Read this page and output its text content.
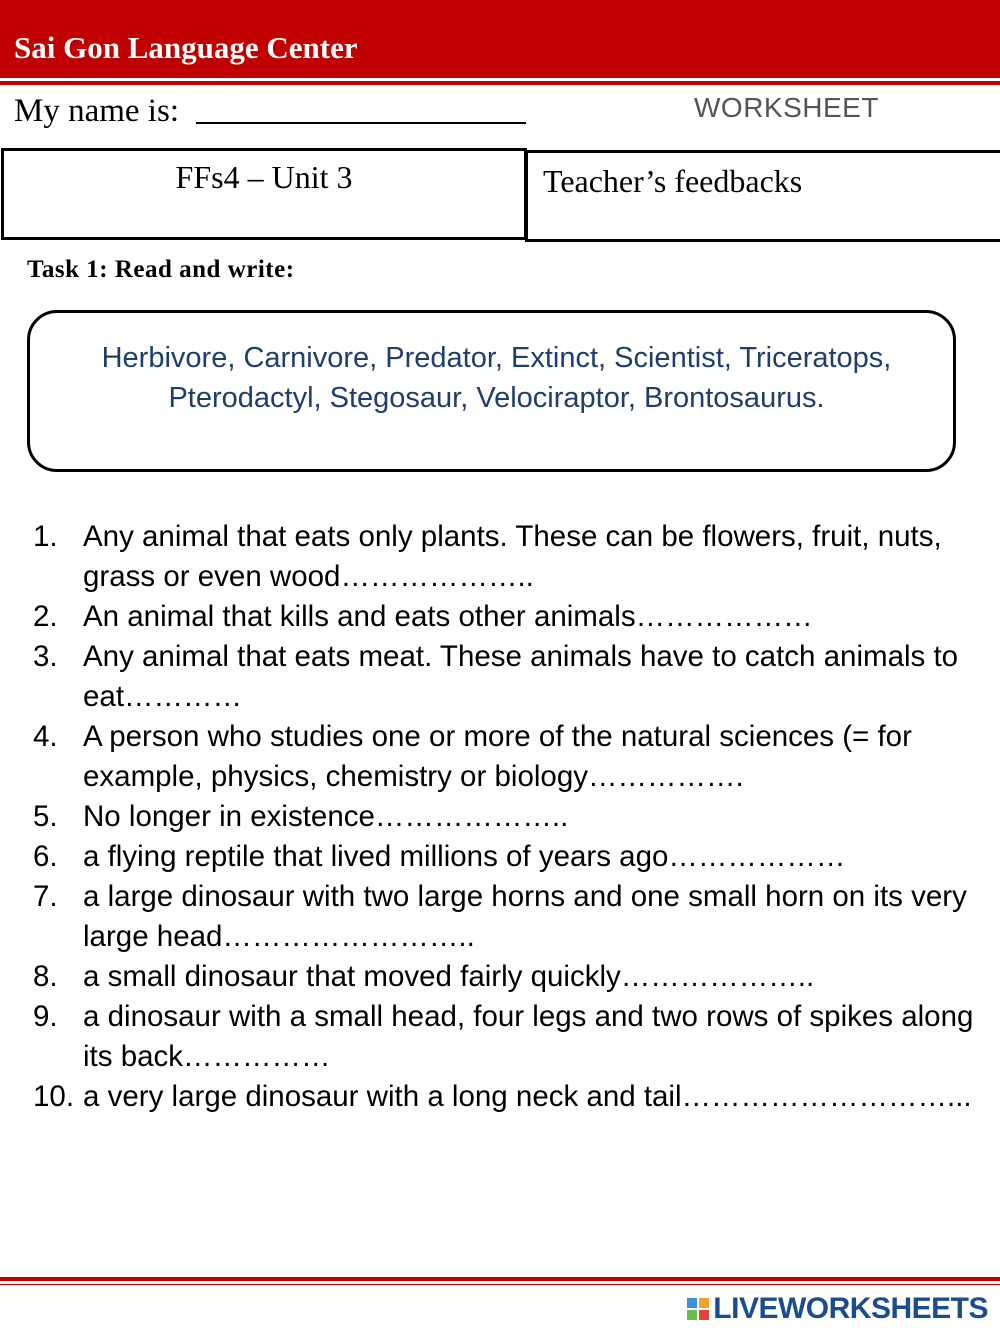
Sai Gon Language Center
My name is:	WORKSHEET
FFs4 – Unit 3	Teacher’s feedbacks
Task 1: Read and write:
Herbivore, Carnivore, Predator, Extinct, Scientist, Triceratops,
Pterodactyl, Stegosaur, Velociraptor, Brontosaurus.
1. Any animal that eats only plants. These can be flowers, fruit, nuts, grass or even wood………………..
2. An animal that kills and eats other animals………………
3. Any animal that eats meat. These animals have to catch animals to eat…………
4. A person who studies one or more of the natural sciences (= for example, physics, chemistry or biology…………….
5. No longer in existence………………..
6. a flying reptile that lived millions of years ago………………
7. a large dinosaur with two large horns and one small horn on its very large head……………………..
8. a small dinosaur that moved fairly quickly………………..
9. a dinosaur with a small head, four legs and two rows of spikes along its back……………
10. a very large dinosaur with a long neck and tail………………………...
LIVEWORKSHEETS
